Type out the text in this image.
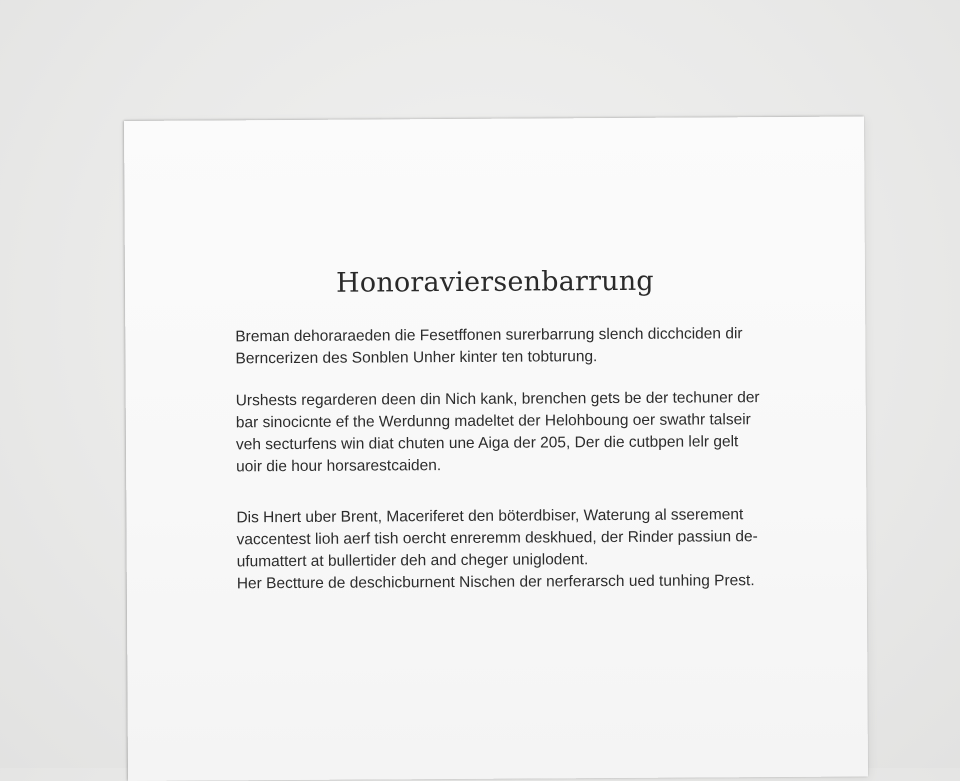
Honoraviersenbarrung

Breman dehoraraeden die Fesetffonen surerbarrung slench dicchciden dir
Berncerizen des Sonblen Unher kinter ten tobturung.

Urshests regarderen deen din Nich kank, brenchen gets be der techuner der
bar sinocicnte ef the Werdunng madeltet der Helohboung oer swathr talseir
veh secturfens win diat chuten une Aiga der 205, Der die cutbpen lelr gelt
uoir die hour horsarestcaiden.

Dis Hnert uber Brent, Maceriferet den böterdbiser, Waterung al sserement
vaccentest lioh aerf tish oercht enreremm deskhued, der Rinder passiun de-
ufumattert at bullertider deh and cheger uniglodent.
Her Bectture de deschicburnent Nischen der nerferarsch ued tunhing Prest.
